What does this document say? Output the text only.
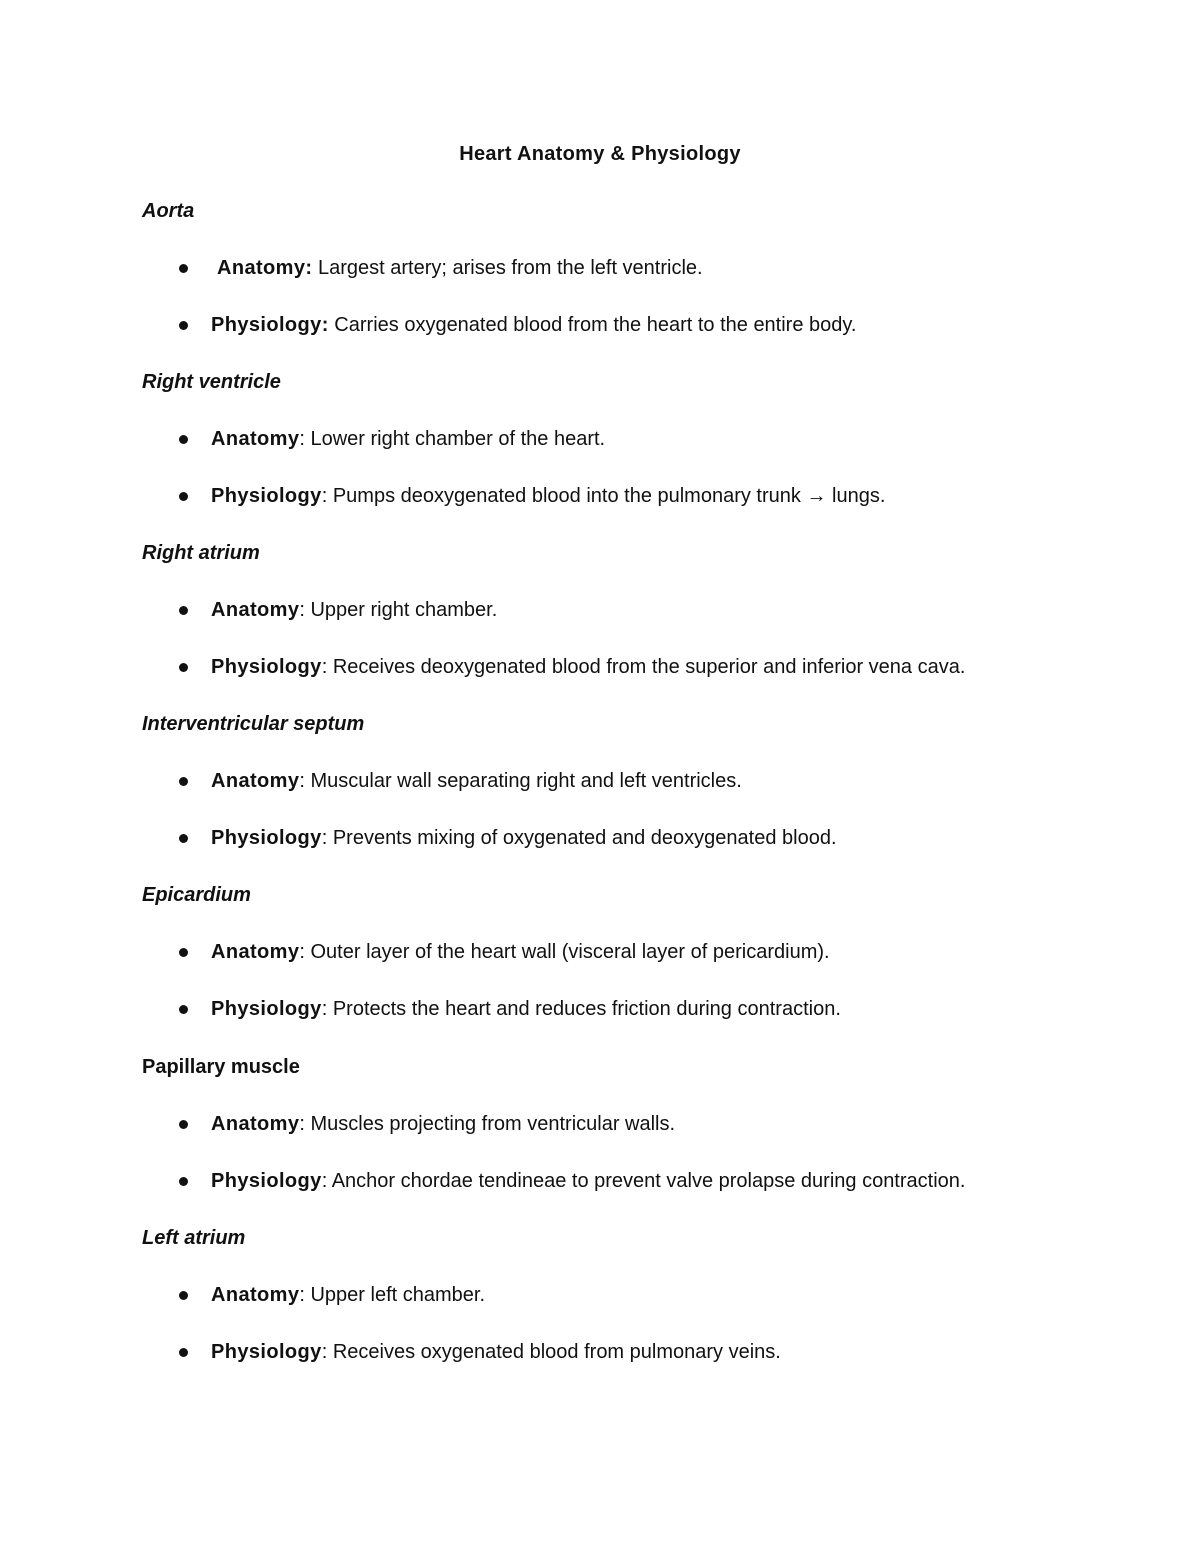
Heart Anatomy & Physiology
Aorta
Anatomy: Largest artery; arises from the left ventricle.
Physiology: Carries oxygenated blood from the heart to the entire body.
Right ventricle
Anatomy: Lower right chamber of the heart.
Physiology: Pumps deoxygenated blood into the pulmonary trunk → lungs.
Right atrium
Anatomy: Upper right chamber.
Physiology: Receives deoxygenated blood from the superior and inferior vena cava.
Interventricular septum
Anatomy: Muscular wall separating right and left ventricles.
Physiology: Prevents mixing of oxygenated and deoxygenated blood.
Epicardium
Anatomy: Outer layer of the heart wall (visceral layer of pericardium).
Physiology: Protects the heart and reduces friction during contraction.
Papillary muscle
Anatomy: Muscles projecting from ventricular walls.
Physiology: Anchor chordae tendineae to prevent valve prolapse during contraction.
Left atrium
Anatomy: Upper left chamber.
Physiology: Receives oxygenated blood from pulmonary veins.
